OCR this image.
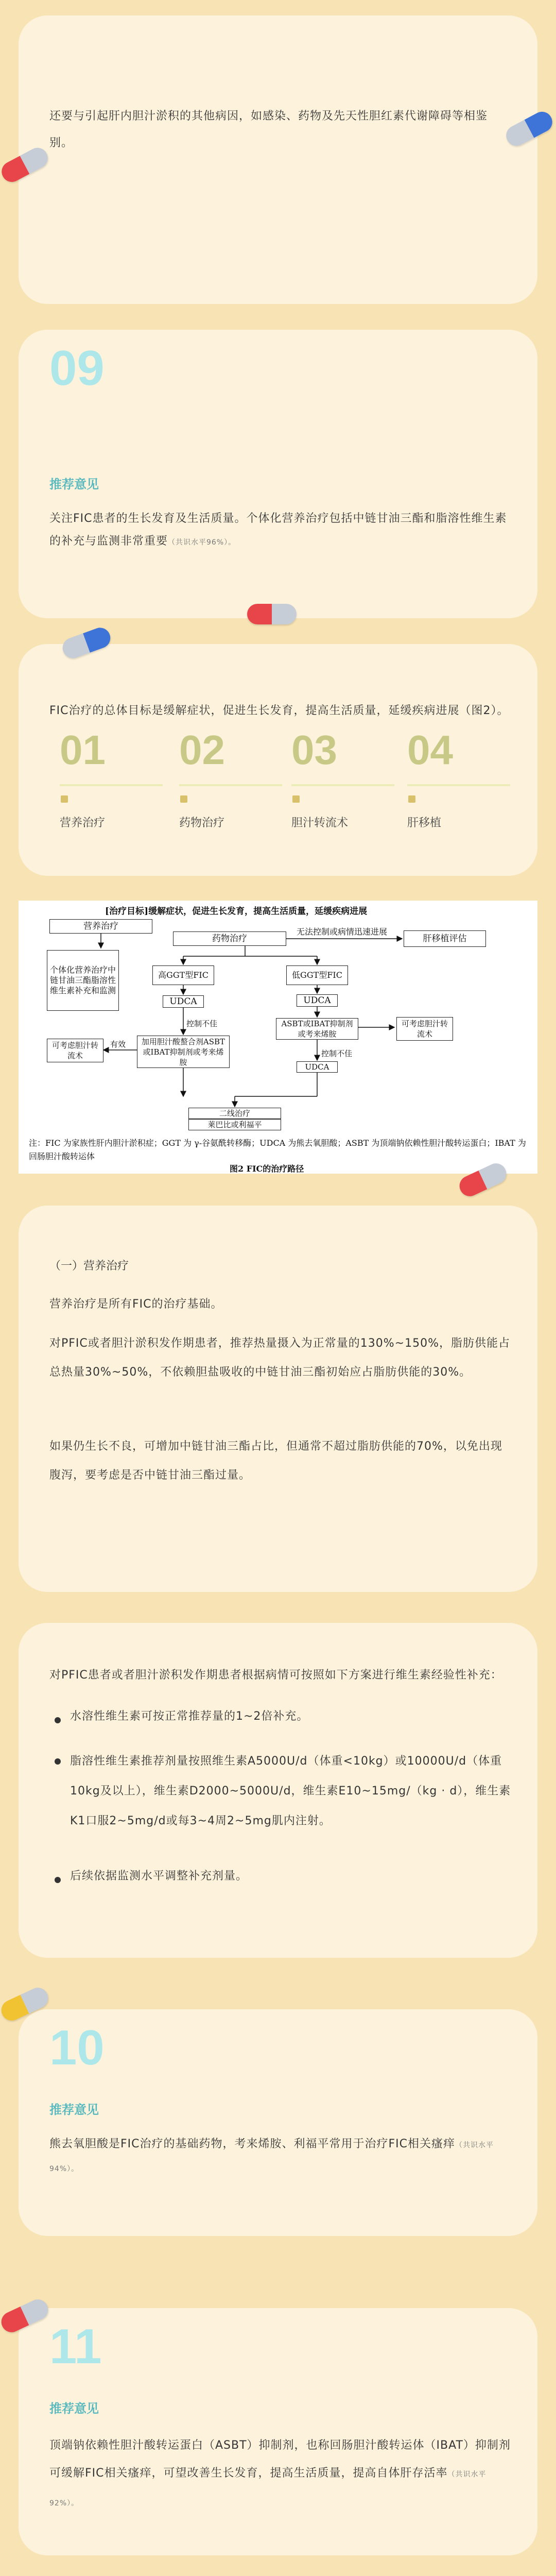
还要与引起肝内胆汁淤积的其他病因，如感染、药物及先天性胆红素代谢障碍等相鉴别。

09
推荐意见

关注FIC患者的生长发育及生活质量。个体化营养治疗包括中链甘油三酯和脂溶性维生素的补充与监测非常重要（共识水平96%）。

FIC治疗的总体目标是缓解症状，促进生长发育，提高生活质量，延缓疾病进展（图2）。

01 02 03 04
营养治疗	药物治疗	胆汁转流术	肝移植
[治疗目标]缓解症状，促进生长发育，提高生活质量，延缓疾病进展
营养治疗
个体化营养治疗中链甘油三酯脂溶性维生素补充和监测
药物治疗
无法控制或病情迅速进展
肝移植评估
高GGT型FIC	低GGT型FIC
UDCA	UDCA
ASBT或IBAT抑制剂或考来烯胺
加用胆汁酸螯合剂ASBT或IBAT抑制剂或考来烯胺
控制不佳
控制不佳
UDCA
可考虑胆汁转流术
可考虑胆汁转流术
有效
二线治疗
莱巴比或利福平
注：FIC 为家族性肝内胆汁淤积症；GGT 为 γ-谷氨酰转移酶；UDCA 为熊去氧胆酸；ASBT 为顶端钠依赖性胆汁酸转运蛋白；IBAT 为回肠胆汁酸转运体
图2 FIC的治疗路径
（一）营养治疗

营养治疗是所有FIC的治疗基础。

对PFIC或者胆汁淤积发作期患者，推荐热量摄入为正常量的130%~150%，脂肪供能占总热量30%~50%，不依赖胆盐吸收的中链甘油三酯初始应占脂肪供能的30%。

如果仍生长不良，可增加中链甘油三酯占比，但通常不超过脂肪供能的70%，以免出现腹泻，要考虑是否中链甘油三酯过量。

对PFIC患者或者胆汁淤积发作期患者根据病情可按照如下方案进行维生素经验性补充：

水溶性维生素可按正常推荐量的1~2倍补充。

脂溶性维生素推荐剂量按照维生素A5000U/d（体重<10kg）或10000U/d（体重10kg及以上），维生素D2000~5000U/d，维生素E10~15mg/（kg · d），维生素K1口服2~5mg/d或每3~4周2~5mg肌内注射。

后续依据监测水平调整补充剂量。

10
推荐意见

熊去氧胆酸是FIC治疗的基础药物，考来烯胺、利福平常用于治疗FIC相关瘙痒（共识水平94%）。

11
推荐意见

顶端钠依赖性胆汁酸转运蛋白（ASBT）抑制剂，也称回肠胆汁酸转运体（IBAT）抑制剂可缓解FIC相关瘙痒，可望改善生长发育，提高生活质量，提高自体肝存活率（共识水平92%）。
